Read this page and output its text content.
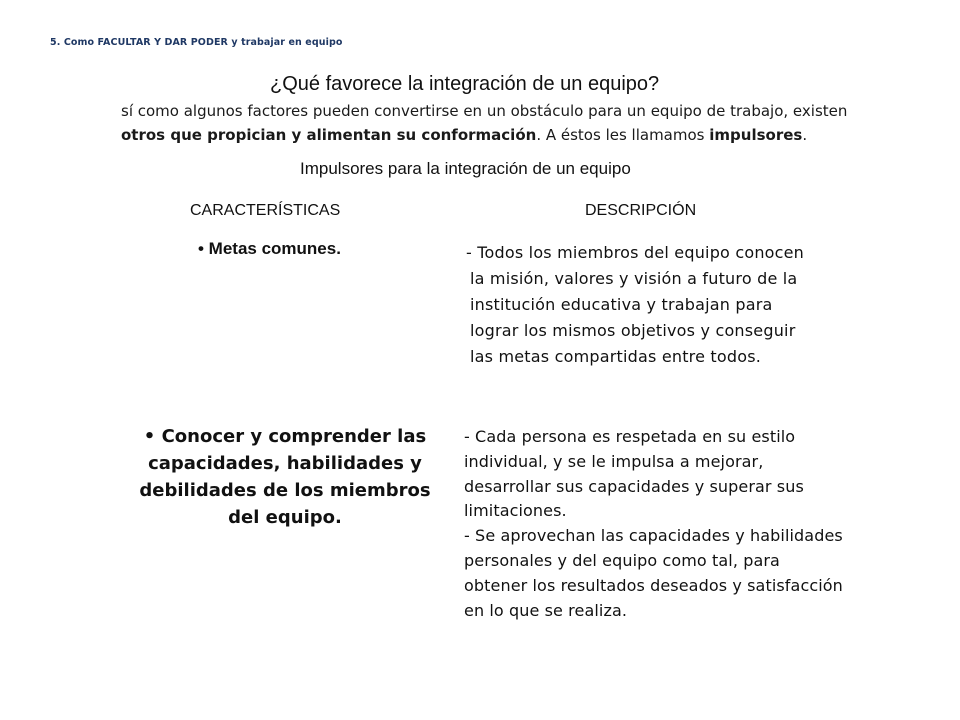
5. Como FACULTAR Y DAR PODER y trabajar en equipo
¿Qué favorece la integración de un equipo?
sí como algunos factores pueden convertirse en un obstáculo para un equipo de trabajo, existen otros que propician y alimentan su conformación. A éstos les llamamos impulsores.
Impulsores para la integración de un equipo
CARACTERÍSTICAS	DESCRIPCIÓN
• Metas comunes.	- Todos los miembros del equipo conocen
la misión, valores y visión a futuro de la
institución educativa y trabajan para
lograr los mismos objetivos y conseguir
las metas compartidas entre todos.
• Conocer y comprender las capacidades, habilidades y debilidades de los miembros del equipo.
- Cada persona es respetada en su estilo
individual, y se le impulsa a mejorar,
desarrollar sus capacidades y superar sus
limitaciones.
- Se aprovechan las capacidades y habilidades
personales y del equipo como tal, para
obtener los resultados deseados y satisfacción
en lo que se realiza.
